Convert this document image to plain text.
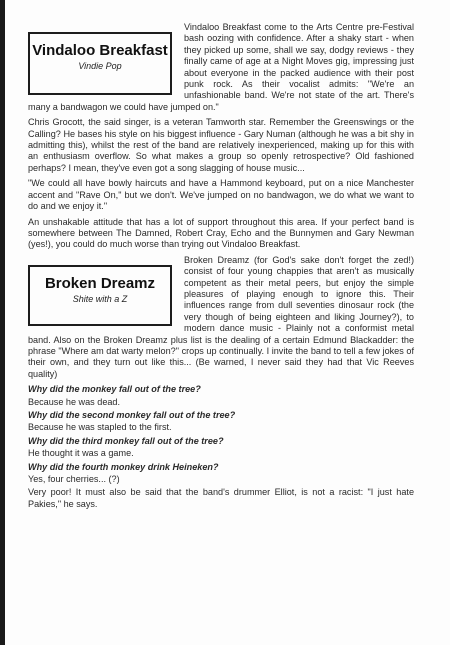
Vindaloo Breakfast
Vindie Pop

Vindaloo Breakfast come to the Arts Centre pre-Festival bash oozing with confidence. After a shaky start - when they picked up some, shall we say, dodgy reviews - they finally came of age at a Night Moves gig, impressing just about everyone in the packed audience with their post punk rock. As their vocalist admits: "We're an unfashionable band. We're not state of the art. There's many a bandwagon we could have jumped on."

Chris Grocott, the said singer, is a veteran Tamworth star. Remember the Greenswings or the Calling? He bases his style on his biggest influence - Gary Numan (although he was a bit shy in admitting this), whilst the rest of the band are relatively inexperienced, making up for this with an enthusiasm overflow. So what makes a group so openly retrospective? Old fashioned perhaps? I mean, they've even got a song slagging of house music...

"We could all have bowly haircuts and have a Hammond keyboard, put on a nice Manchester accent and "Rave On," but we don't. We've jumped on no bandwagon, we do what we want to do and we enjoy it."

An unshakable attitude that has a lot of support throughout this area. If your perfect band is somewhere between The Damned, Robert Cray, Echo and the Bunnymen and Gary Newman (yes!), you could do much worse than trying out Vindaloo Breakfast.

Broken Dreamz
Shite with a Z

Broken Dreamz (for God's sake don't forget the zed!) consist of four young chappies that aren't as musically competent as their metal peers, but enjoy the simple pleasures of playing enough to ignore this. Their influences range from dull seventies dinosaur rock (the very though of being eighteen and liking Journey?), to modern dance music - Plainly not a conformist metal band. Also on the Broken Dreamz plus list is the dealing of a certain Edmund Blackadder: the phrase "Where am dat warty melon?" crops up continually. I invite the band to tell a few jokes of their own, and they turn out like this... (Be warned, I never said they had that Vic Reeves quality)

Why did the monkey fall out of the tree?

Because he was dead.

Why did the second monkey fall out of the tree?

Because he was stapled to the first.

Why did the third monkey fall out of the tree?

He thought it was a game.

Why did the fourth monkey drink Heineken?

Yes, four cherries... (?)

Very poor! It must also be said that the band's drummer Elliot, is not a racist: "I just hate Pakies," he says.
